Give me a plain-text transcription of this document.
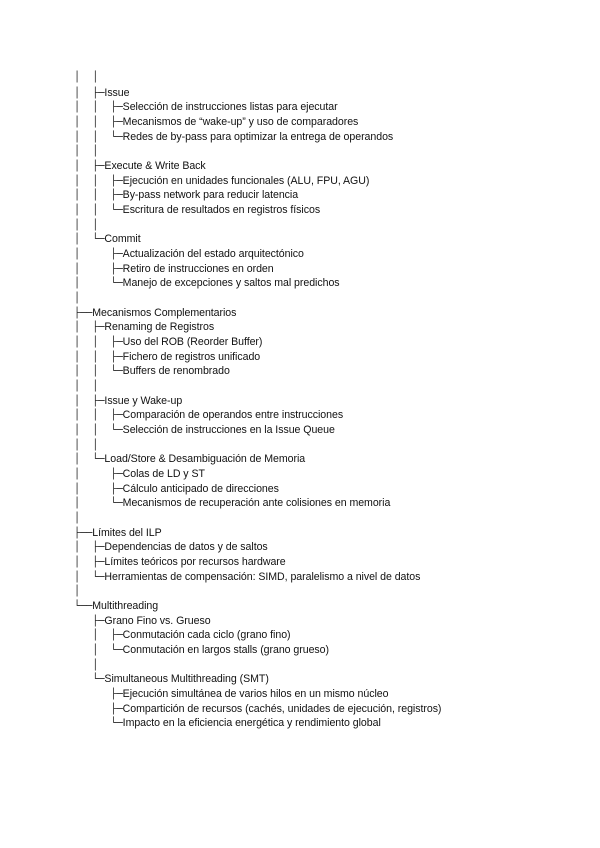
│  │
│  ├─Issue
│  │  ├─Selección de instrucciones listas para ejecutar
│  │  ├─Mecanismos de “wake-up” y uso de comparadores
│  │  └─Redes de by-pass para optimizar la entrega de operandos
│  │
│  ├─Execute & Write Back
│  │  ├─Ejecución en unidades funcionales (ALU, FPU, AGU)
│  │  ├─By-pass network para reducir latencia
│  │  └─Escritura de resultados en registros físicos
│  │
│  └─Commit
│     ├─Actualización del estado arquitectónico
│     ├─Retiro de instrucciones en orden
│     └─Manejo de excepciones y saltos mal predichos
│
├──Mecanismos Complementarios
│  ├─Renaming de Registros
│  │  ├─Uso del ROB (Reorder Buffer)
│  │  ├─Fichero de registros unificado
│  │  └─Buffers de renombrado
│  │
│  ├─Issue y Wake-up
│  │  ├─Comparación de operandos entre instrucciones
│  │  └─Selección de instrucciones en la Issue Queue
│  │
│  └─Load/Store & Desambiguación de Memoria
│     ├─Colas de LD y ST
│     ├─Cálculo anticipado de direcciones
│     └─Mecanismos de recuperación ante colisiones en memoria
│
├──Límites del ILP
│  ├─Dependencias de datos y de saltos
│  ├─Límites teóricos por recursos hardware
│  └─Herramientas de compensación: SIMD, paralelismo a nivel de datos
│
└──Multithreading
├─Grano Fino vs. Grueso
│  ├─Conmutación cada ciclo (grano fino)
│  └─Conmutación en largos stalls (grano grueso)
│
└─Simultaneous Multithreading (SMT)
├─Ejecución simultánea de varios hilos en un mismo núcleo
├─Compartición de recursos (cachés, unidades de ejecución, registros)
└─Impacto en la eficiencia energética y rendimiento global
